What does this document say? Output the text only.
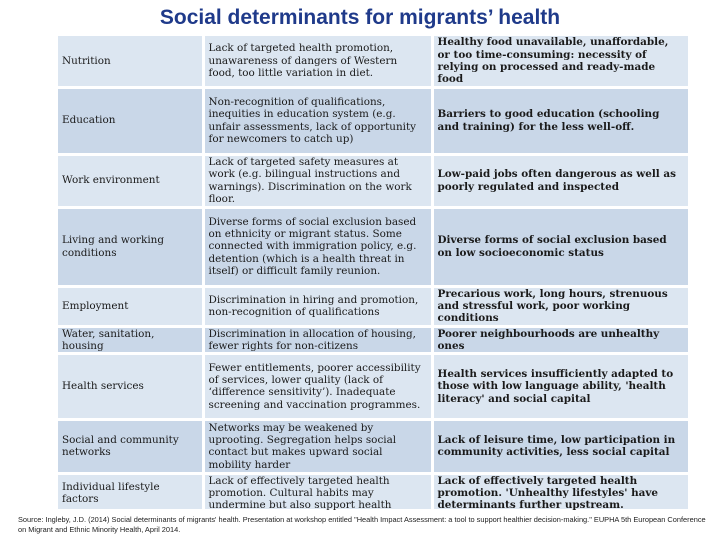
Social determinants for migrants’ health
Nutrition	Lack of targeted health promotion, unawareness of dangers of Western food, too little variation in diet.	Healthy food unavailable, unaffordable, or too time-consuming: necessity of relying on processed and ready-made food
Education	Non-recognition of qualifications, inequities in education system (e.g. unfair assessments, lack of opportunity for newcomers to catch up)	Barriers to good education (schooling and training) for the less well-off.
Work environment	Lack of targeted safety measures at work (e.g. bilingual instructions and warnings). Discrimination on the work floor.	Low-paid jobs often dangerous as well as poorly regulated and inspected
Living and working conditions	Diverse forms of social exclusion based on ethnicity or migrant status. Some connected with immigration policy, e.g. detention (which is a health threat in itself) or difficult family reunion.	Diverse forms of social exclusion based on low socioeconomic status
Employment	Discrimination in hiring and promotion, non-recognition of qualifications	Precarious work, long hours, strenuous and stressful work, poor working conditions
Water, sanitation, housing	Discrimination in allocation of housing, fewer rights for non-citizens	Poorer neighbourhoods are unhealthy ones
Health services	Fewer entitlements, poorer accessibility of services, lower quality (lack of ‘difference sensitivity’). Inadequate screening and vaccination programmes.	Health services insufficiently adapted to those with low language ability, 'health literacy' and social capital
Social and community networks	Networks may be weakened by uprooting. Segregation helps social contact but makes upward social mobility harder	Lack of leisure time, low participation in community activities, less social capital
Individual lifestyle factors	Lack of effectively targeted health promotion. Cultural habits may undermine but also support health	Lack of effectively targeted health promotion. 'Unhealthy lifestyles' have determinants further upstream.
Source: Ingleby, J.D. (2014) Social determinants of migrants' health. Presentation at workshop entitled "Health Impact Assessment: a tool to support healthier decision-making." EUPHA 5th European Conference on Migrant and Ethnic Minority Health, April 2014.
